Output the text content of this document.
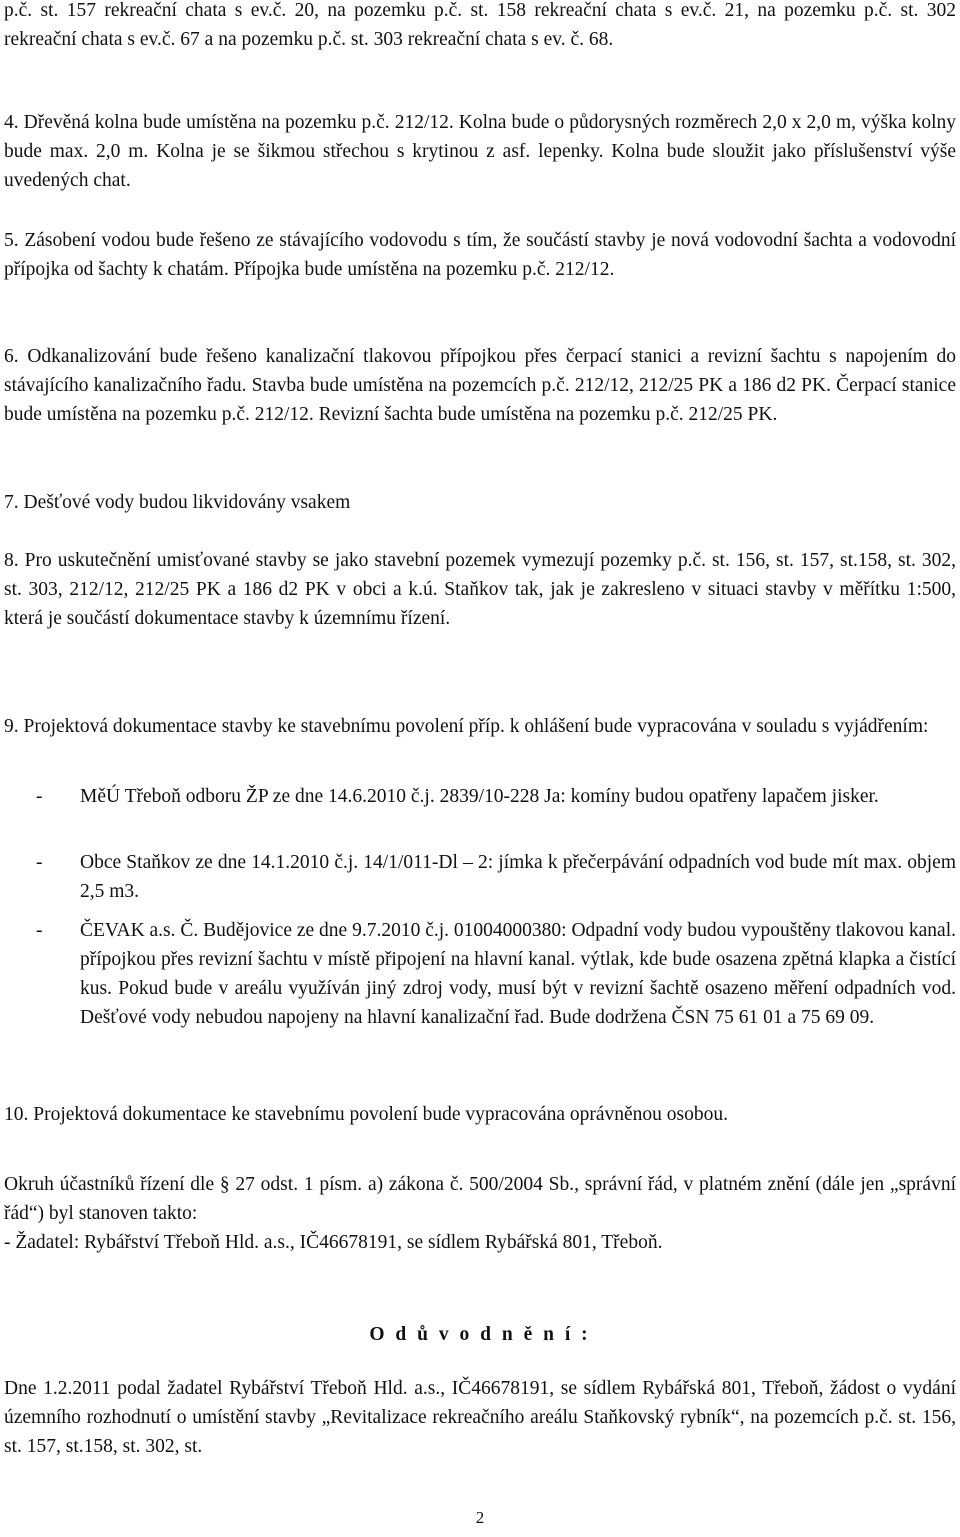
p.č. st. 157 rekreační chata s ev.č. 20, na pozemku p.č. st. 158 rekreační chata s ev.č. 21, na pozemku p.č. st. 302 rekreační chata s ev.č. 67 a na pozemku p.č. st. 303 rekreační chata s ev. č. 68.

4. Dřevěná kolna bude umístěna na pozemku p.č. 212/12. Kolna bude o půdorysných rozměrech 2,0 x 2,0 m, výška kolny bude max. 2,0 m. Kolna je se šikmou střechou s krytinou z asf. lepenky. Kolna bude sloužit jako příslušenství výše uvedených chat.

5. Zásobení vodou bude řešeno ze stávajícího vodovodu s tím, že součástí stavby je nová vodovodní šachta a vodovodní přípojka od šachty k chatám. Přípojka bude umístěna na pozemku p.č. 212/12.

6. Odkanalizování bude řešeno kanalizační tlakovou přípojkou přes čerpací stanici a revizní šachtu s napojením do stávajícího kanalizačního řadu. Stavba bude umístěna na pozemcích p.č. 212/12, 212/25 PK a 186 d2 PK. Čerpací stanice bude umístěna na pozemku p.č. 212/12. Revizní šachta bude umístěna na pozemku p.č. 212/25 PK.

7. Dešťové vody budou likvidovány vsakem

8. Pro uskutečnění umisťované stavby se jako stavební pozemek vymezují pozemky p.č. st. 156, st. 157, st.158, st. 302, st. 303, 212/12, 212/25 PK a 186 d2 PK v obci a k.ú. Staňkov tak, jak je zakresleno v situaci stavby v měřítku 1:500, která je součástí dokumentace stavby k územnímu řízení.

9. Projektová dokumentace stavby ke stavebnímu povolení příp. k ohlášení bude vypracována v souladu s vyjádřením:

- MěÚ Třeboň odboru ŽP ze dne 14.6.2010 č.j. 2839/10-228 Ja: komíny budou opatřeny lapačem jisker.
- Obce Staňkov ze dne 14.1.2010 č.j. 14/1/011-Dl – 2: jímka k přečerpávání odpadních vod bude mít max. objem 2,5 m3.
- ČEVAK a.s. Č. Budějovice ze dne 9.7.2010 č.j. 01004000380: Odpadní vody budou vypouštěny tlakovou kanal. přípojkou přes revizní šachtu v místě připojení na hlavní kanal. výtlak, kde bude osazena zpětná klapka a čistící kus. Pokud bude v areálu využíván jiný zdroj vody, musí být v revizní šachtě osazeno měření odpadních vod. Dešťové vody nebudou napojeny na hlavní kanalizační řad. Bude dodržena ČSN 75 61 01 a 75 69 09.

10. Projektová dokumentace ke stavebnímu povolení bude vypracována oprávněnou osobou.

Okruh účastníků řízení dle § 27 odst. 1 písm. a) zákona č. 500/2004 Sb., správní řád, v platném znění (dále jen „správní řád“) byl stanoven takto:

- Žadatel: Rybářství Třeboň Hld. a.s., IČ46678191, se sídlem Rybářská 801, Třeboň.

O d ů v o d n ě n í :

Dne 1.2.2011 podal žadatel Rybářství Třeboň Hld. a.s., IČ46678191, se sídlem Rybářská 801, Třeboň, žádost o vydání územního rozhodnutí o umístění stavby „Revitalizace rekreačního areálu Staňkovský rybník“, na pozemcích p.č. st. 156, st. 157, st.158, st. 302, st.

2
